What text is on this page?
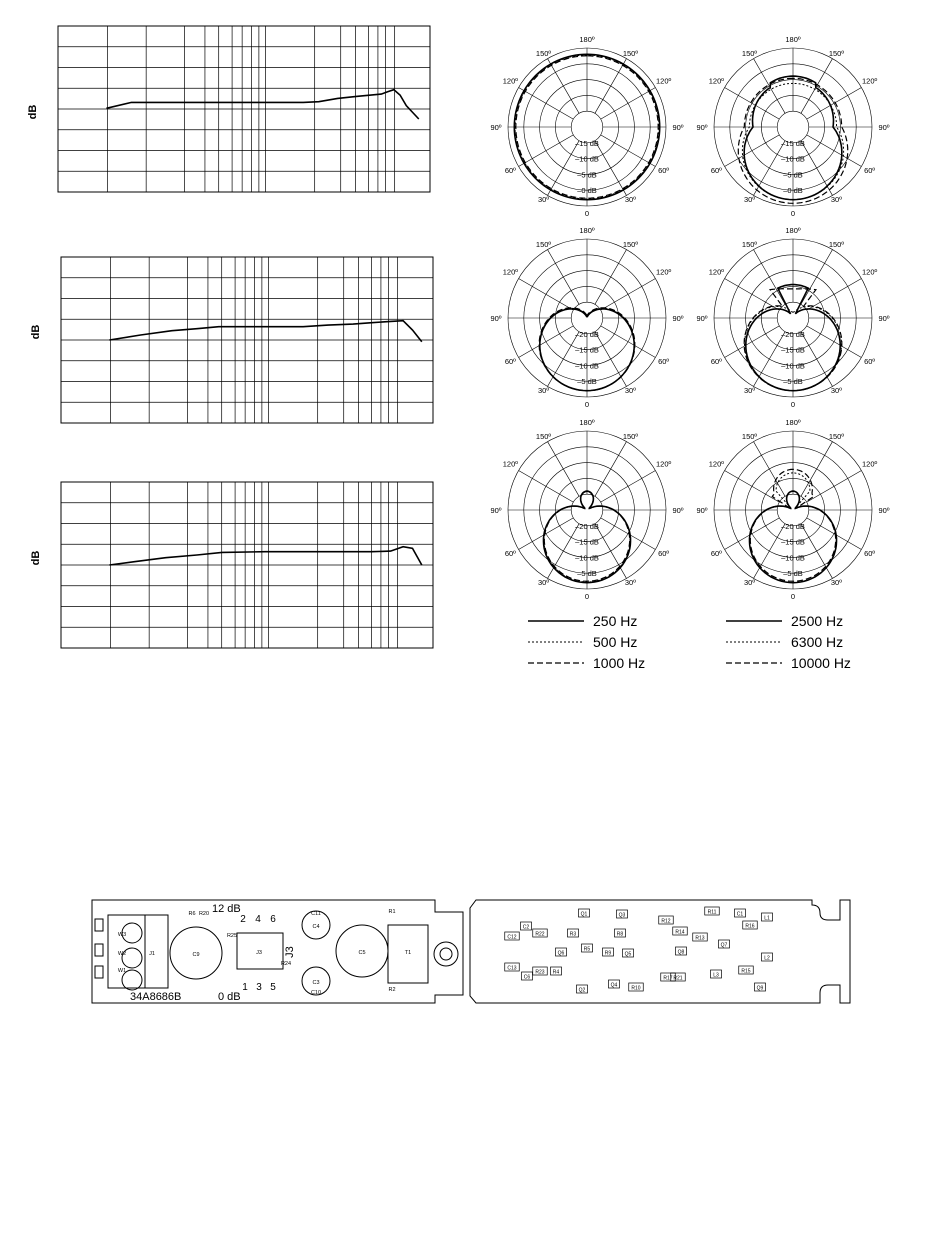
dB
dB
dB
180º
150º	150º
120º	120º
90º	90º
60º	60º
30º	30º
0
–15 dB
–10 dB
–5 dB
–0 dB
180º
150º	150º
120º	120º
90º	90º
60º	60º
30º	30º
0
–15 dB
–10 dB
–5 dB
–0 dB
180º
150º	150º
120º	120º
90º	90º
60º	60º
30º	30º
0
–20 dB
–15 dB
–10 dB
–5 dB
180º
150º	150º
120º	120º
90º	90º
60º	60º
30º	30º
0
–20 dB
–15 dB
–10 dB
–5 dB
180º
150º	150º
120º	120º
90º	90º
60º	60º
30º	30º
0
–20 dB
–15 dB
–10 dB
–5 dB
180º
150º	150º
120º	120º
90º	90º
60º	60º
30º	30º
0
–20 dB
–15 dB
–10 dB
–5 dB
250 Hz
500 Hz
1000 Hz
2500 Hz
6300 Hz
10000 Hz
34A8686B
12 dB
0 dB
2 4 6
1 3 5
J3
W3
W2
W1
J1	C9	J3
C4
C5
C3
T1
C11
C10
R1
R2
R6
R25
R24
R20	Q1	Q3
Q2
Q4
Q5
Q6
Q7
Q8
Q9
R3
R4
R5
R8
R9
R10
R11
R12
R13
R14
R15
R16
R17 R21
R22
R23
C1
C2
C6
C12
C13
L1
L2
L3
